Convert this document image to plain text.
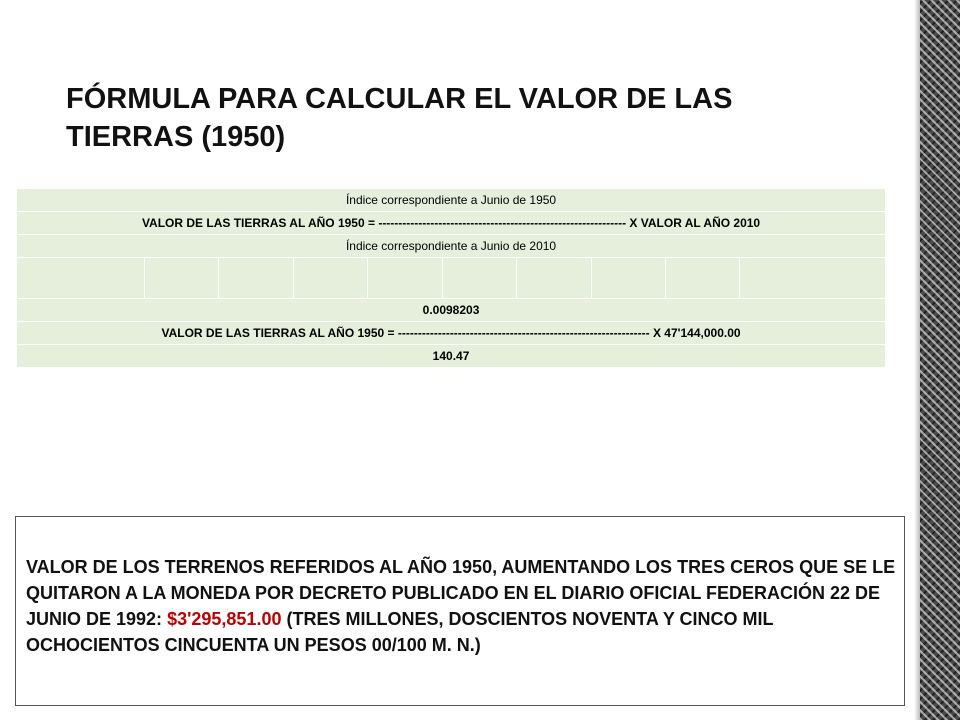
FÓRMULA PARA CALCULAR EL VALOR DE LAS TIERRAS (1950)
Índice correspondiente a Junio de 1950
VALOR DE LAS TIERRAS AL AÑO 1950 = -------------------------------------------------------------- X VALOR AL AÑO 2010
Índice correspondiente a Junio de 2010

0.0098203
VALOR DE LAS TIERRAS AL AÑO 1950 = --------------------------------------------------------------- X 47'144,000.00
140.47

VALOR DE LOS TERRENOS REFERIDOS AL AÑO 1950, AUMENTANDO LOS TRES CEROS QUE SE LE QUITARON A LA MONEDA POR DECRETO PUBLICADO EN EL DIARIO OFICIAL FEDERACIÓN 22 DE JUNIO DE 1992: $3'295,851.00 (TRES MILLONES, DOSCIENTOS NOVENTA Y CINCO MIL OCHOCIENTOS CINCUENTA UN PESOS 00/100 M. N.)
